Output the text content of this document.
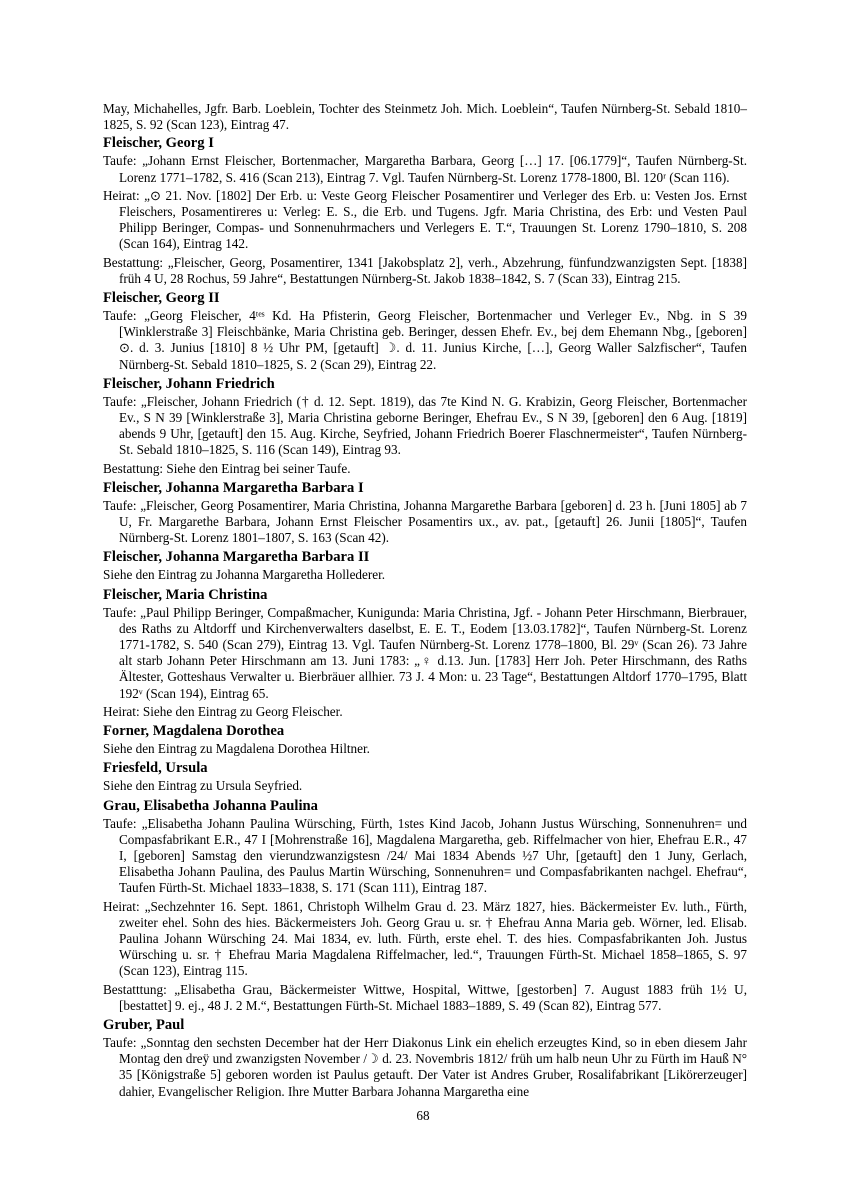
May, Michahelles, Jgfr. Barb. Loeblein, Tochter des Steinmetz Joh. Mich. Loeblein“, Taufen Nürnberg-St. Sebald 1810–1825, S. 92 (Scan 123), Eintrag 47.

Fleischer, Georg I

Taufe: „Johann Ernst Fleischer, Bortenmacher, Margaretha Barbara, Georg […] 17. [06.1779]“, Taufen Nürnberg-St. Lorenz 1771–1782, S. 416 (Scan 213), Eintrag 7. Vgl. Taufen Nürnberg-St. Lorenz 1778-1800, Bl. 120ʳ (Scan 116).

Heirat: „⊙ 21. Nov. [1802] Der Erb. u: Veste Georg Fleischer Posamentirer und Verleger des Erb. u: Vesten Jos. Ernst Fleischers, Posamentireres u: Verleg: E. S., die Erb. und Tugens. Jgfr. Maria Christina, des Erb: und Vesten Paul Philipp Beringer, Compas- und Sonnenuhrmachers und Verlegers E. T.“, Trauungen St. Lorenz 1790–1810, S. 208 (Scan 164), Eintrag 142.

Bestattung: „Fleischer, Georg, Posamentirer, 1341 [Jakobsplatz 2], verh., Abzehrung, fünfundzwanzigsten Sept. [1838] früh 4 U, 28 Rochus, 59 Jahre“, Bestattungen Nürnberg-St. Jakob 1838–1842, S. 7 (Scan 33), Eintrag 215.

Fleischer, Georg II

Taufe: „Georg Fleischer, 4ᵗᵉˢ Kd. Ha Pfisterin, Georg Fleischer, Bortenmacher und Verleger Ev., Nbg. in S 39 [Winklerstraße 3] Fleischbänke, Maria Christina geb. Beringer, dessen Ehefr. Ev., bej dem Ehemann Nbg., [geboren] ⊙. d. 3. Junius [1810] 8 ½ Uhr PM, [getauft] ☽. d. 11. Junius Kirche, […], Georg Waller Salzfischer“, Taufen Nürnberg-St. Sebald 1810–1825, S. 2 (Scan 29), Eintrag 22.

Fleischer, Johann Friedrich

Taufe: „Fleischer, Johann Friedrich († d. 12. Sept. 1819), das 7te Kind N. G. Krabizin, Georg Fleischer, Bortenmacher Ev., S N 39 [Winklerstraße 3], Maria Christina geborne Beringer, Ehefrau Ev., S N 39, [geboren] den 6 Aug. [1819] abends 9 Uhr, [getauft] den 15. Aug. Kirche, Seyfried, Johann Friedrich Boerer Flaschnermeister“, Taufen Nürnberg-St. Sebald 1810–1825, S. 116 (Scan 149), Eintrag 93.

Bestattung: Siehe den Eintrag bei seiner Taufe.

Fleischer, Johanna Margaretha Barbara I

Taufe: „Fleischer, Georg Posamentirer, Maria Christina, Johanna Margarethe Barbara [geboren] d. 23 h. [Juni 1805] ab 7 U, Fr. Margarethe Barbara, Johann Ernst Fleischer Posamentirs ux., av. pat., [getauft] 26. Junii [1805]“, Taufen Nürnberg-St. Lorenz 1801–1807, S. 163 (Scan 42).

Fleischer, Johanna Margaretha Barbara II

Siehe den Eintrag zu Johanna Margaretha Hollederer.

Fleischer, Maria Christina

Taufe: „Paul Philipp Beringer, Compaßmacher, Kunigunda: Maria Christina, Jgf. - Johann Peter Hirschmann, Bierbrauer, des Raths zu Altdorff und Kirchenverwalters daselbst, E. E. T., Eodem [13.03.1782]“, Taufen Nürnberg-St. Lorenz 1771-1782, S. 540 (Scan 279), Eintrag 13. Vgl. Taufen Nürnberg-St. Lorenz 1778–1800, Bl. 29ᵛ (Scan 26). 73 Jahre alt starb Johann Peter Hirschmann am 13. Juni 1783: „♀ d.13. Jun. [1783] Herr Joh. Peter Hirschmann, des Raths Ältester, Gotteshaus Verwalter u. Bierbräuer allhier. 73 J. 4 Mon: u. 23 Tage“, Bestattungen Altdorf 1770–1795, Blatt 192ᵛ (Scan 194), Eintrag 65.

Heirat: Siehe den Eintrag zu Georg Fleischer.

Forner, Magdalena Dorothea

Siehe den Eintrag zu Magdalena Dorothea Hiltner.

Friesfeld, Ursula

Siehe den Eintrag zu Ursula Seyfried.

Grau, Elisabetha Johanna Paulina

Taufe: „Elisabetha Johann Paulina Würsching, Fürth, 1stes Kind Jacob, Johann Justus Würsching, Sonnenuhren= und Compasfabrikant E.R., 47 I [Mohrenstraße 16], Magdalena Margaretha, geb. Riffelmacher von hier, Ehefrau E.R., 47 I, [geboren] Samstag den vierundzwanzigstesn /24/ Mai 1834 Abends ½7 Uhr, [getauft] den 1 Juny, Gerlach, Elisabetha Johann Paulina, des Paulus Martin Würsching, Sonnenuhren= und Compasfabrikanten nachgel. Ehefrau“, Taufen Fürth-St. Michael 1833–1838, S. 171 (Scan 111), Eintrag 187.

Heirat: „Sechzehnter 16. Sept. 1861, Christoph Wilhelm Grau d. 23. März 1827, hies. Bäckermeister Ev. luth., Fürth, zweiter ehel. Sohn des hies. Bäckermeisters Joh. Georg Grau u. sr. † Ehefrau Anna Maria geb. Wörner, led. Elisab. Paulina Johann Würsching 24. Mai 1834, ev. luth. Fürth, erste ehel. T. des hies. Compasfabrikanten Joh. Justus Würsching u. sr. † Ehefrau Maria Magdalena Riffelmacher, led.“, Trauungen Fürth-St. Michael 1858–1865, S. 97 (Scan 123), Eintrag 115.

Bestatttung: „Elisabetha Grau, Bäckermeister Wittwe, Hospital, Wittwe, [gestorben] 7. August 1883 früh 1½ U, [bestattet] 9. ej., 48 J. 2 M.“, Bestattungen Fürth-St. Michael 1883–1889, S. 49 (Scan 82), Eintrag 577.

Gruber, Paul

Taufe: „Sonntag den sechsten December hat der Herr Diakonus Link ein ehelich erzeugtes Kind, so in eben diesem Jahr Montag den dreÿ und zwanzigsten November /☽ d. 23. Novembris 1812/ früh um halb neun Uhr zu Fürth im Hauß N° 35 [Königstraße 5] geboren worden ist Paulus getauft. Der Vater ist Andres Gruber, Rosalifabrikant [Likörerzeuger] dahier, Evangelischer Religion. Ihre Mutter Barbara Johanna Margaretha eine

68
